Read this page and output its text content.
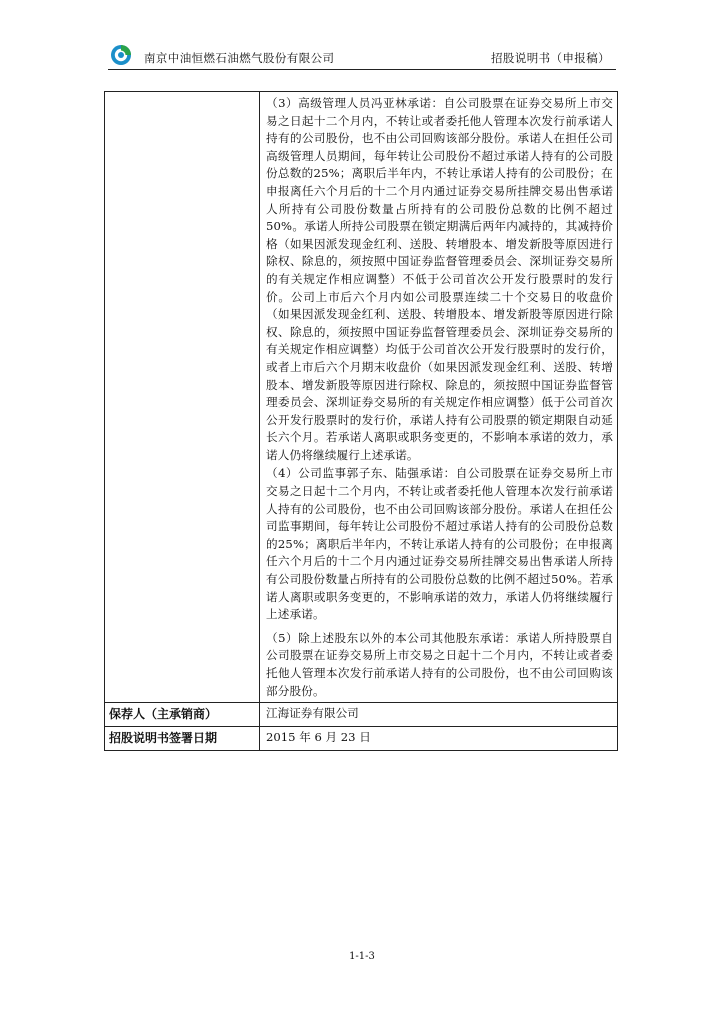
南京中油恒燃石油燃气股份有限公司	招股说明书（申报稿）

	（3）高级管理人员冯亚林承诺：自公司股票在证券交易所上市交易之日起十二个月内，不转让或者委托他人管理本次发行前承诺人持有的公司股份，也不由公司回购该部分股份。承诺人在担任公司高级管理人员期间，每年转让公司股份不超过承诺人持有的公司股份总数的25%；离职后半年内，不转让承诺人持有的公司股份；在申报离任六个月后的十二个月内通过证券交易所挂牌交易出售承诺人所持有公司股份数量占所持有的公司股份总数的比例不超过50%。承诺人所持公司股票在锁定期满后两年内减持的，其减持价格（如果因派发现金红利、送股、转增股本、增发新股等原因进行除权、除息的，须按照中国证券监督管理委员会、深圳证券交易所的有关规定作相应调整）不低于公司首次公开发行股票时的发行价。公司上市后六个月内如公司股票连续二十个交易日的收盘价（如果因派发现金红利、送股、转增股本、增发新股等原因进行除权、除息的，须按照中国证券监督管理委员会、深圳证券交易所的有关规定作相应调整）均低于公司首次公开发行股票时的发行价，或者上市后六个月期末收盘价（如果因派发现金红利、送股、转增股本、增发新股等原因进行除权、除息的，须按照中国证券监督管理委员会、深圳证券交易所的有关规定作相应调整）低于公司首次公开发行股票时的发行价，承诺人持有公司股票的锁定期限自动延长六个月。若承诺人离职或职务变更的，不影响本承诺的效力，承诺人仍将继续履行上述承诺。

（4）公司监事郭子东、陆强承诺：自公司股票在证券交易所上市交易之日起十二个月内，不转让或者委托他人管理本次发行前承诺人持有的公司股份，也不由公司回购该部分股份。承诺人在担任公司监事期间，每年转让公司股份不超过承诺人持有的公司股份总数的25%；离职后半年内，不转让承诺人持有的公司股份；在申报离任六个月后的十二个月内通过证券交易所挂牌交易出售承诺人所持有公司股份数量占所持有的公司股份总数的比例不超过50%。若承诺人离职或职务变更的，不影响承诺的效力，承诺人仍将继续履行上述承诺。

（5）除上述股东以外的本公司其他股东承诺：承诺人所持股票自公司股票在证券交易所上市交易之日起十二个月内，不转让或者委托他人管理本次发行前承诺人持有的公司股份，也不由公司回购该部分股份。

保荐人（主承销商）	江海证券有限公司
招股说明书签署日期	2015 年 6 月 23 日
1-1-3
